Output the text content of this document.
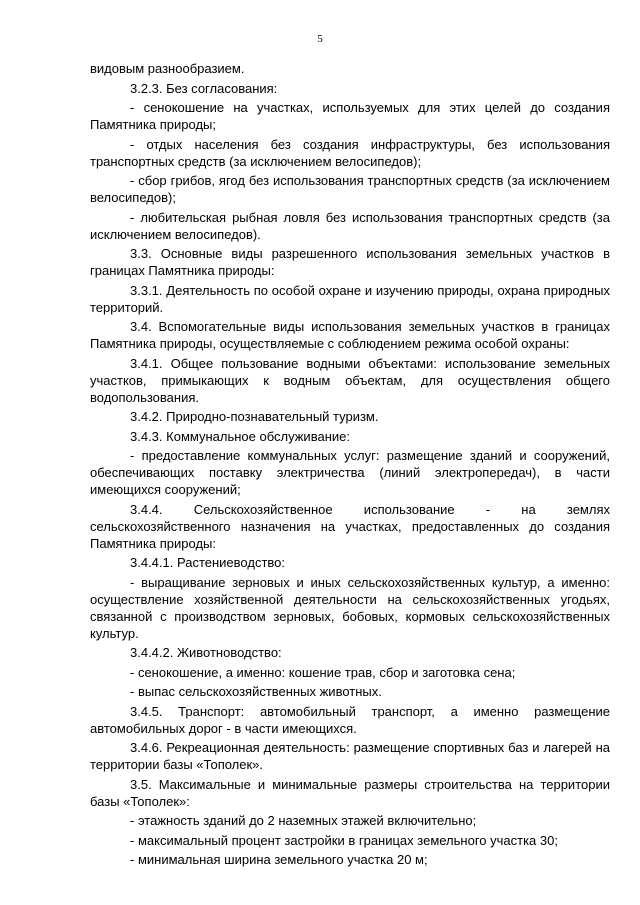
5

видовым разнообразием.

3.2.3. Без согласования:

- сенокошение на участках, используемых для этих целей до создания Памятника природы;

- отдых населения без создания инфраструктуры, без использования транспортных средств (за исключением велосипедов);

- сбор грибов, ягод без использования транспортных средств (за исключением велосипедов);

- любительская рыбная ловля без использования транспортных средств (за исключением велосипедов).

3.3. Основные виды разрешенного использования земельных участков в границах Памятника природы:

3.3.1. Деятельность по особой охране и изучению природы, охрана природных территорий.

3.4. Вспомогательные виды использования земельных участков в границах Памятника природы, осуществляемые с соблюдением режима особой охраны:

3.4.1. Общее пользование водными объектами: использование земельных участков, примыкающих к водным объектам, для осуществления общего водопользования.

3.4.2. Природно-познавательный туризм.

3.4.3. Коммунальное обслуживание:

- предоставление коммунальных услуг: размещение зданий и сооружений, обеспечивающих поставку электричества (линий электропередач), в части имеющихся сооружений;

3.4.4. Сельскохозяйственное использование - на землях сельскохозяйственного назначения на участках, предоставленных до создания Памятника природы:

3.4.4.1. Растениеводство:

- выращивание зерновых и иных сельскохозяйственных культур, а именно: осуществление хозяйственной деятельности на сельскохозяйственных угодьях, связанной с производством зерновых, бобовых, кормовых сельскохозяйственных культур.

3.4.4.2. Животноводство:

- сенокошение, а именно: кошение трав, сбор и заготовка сена;

- выпас сельскохозяйственных животных.

3.4.5. Транспорт: автомобильный транспорт, а именно размещение автомобильных дорог - в части имеющихся.

3.4.6. Рекреационная деятельность: размещение спортивных баз и лагерей на территории базы «Тополек».

3.5. Максимальные и минимальные размеры строительства на территории базы «Тополек»:

- этажность зданий до 2 наземных этажей включительно;

- максимальный процент застройки в границах земельного участка 30;

- минимальная ширина земельного участка 20 м;
